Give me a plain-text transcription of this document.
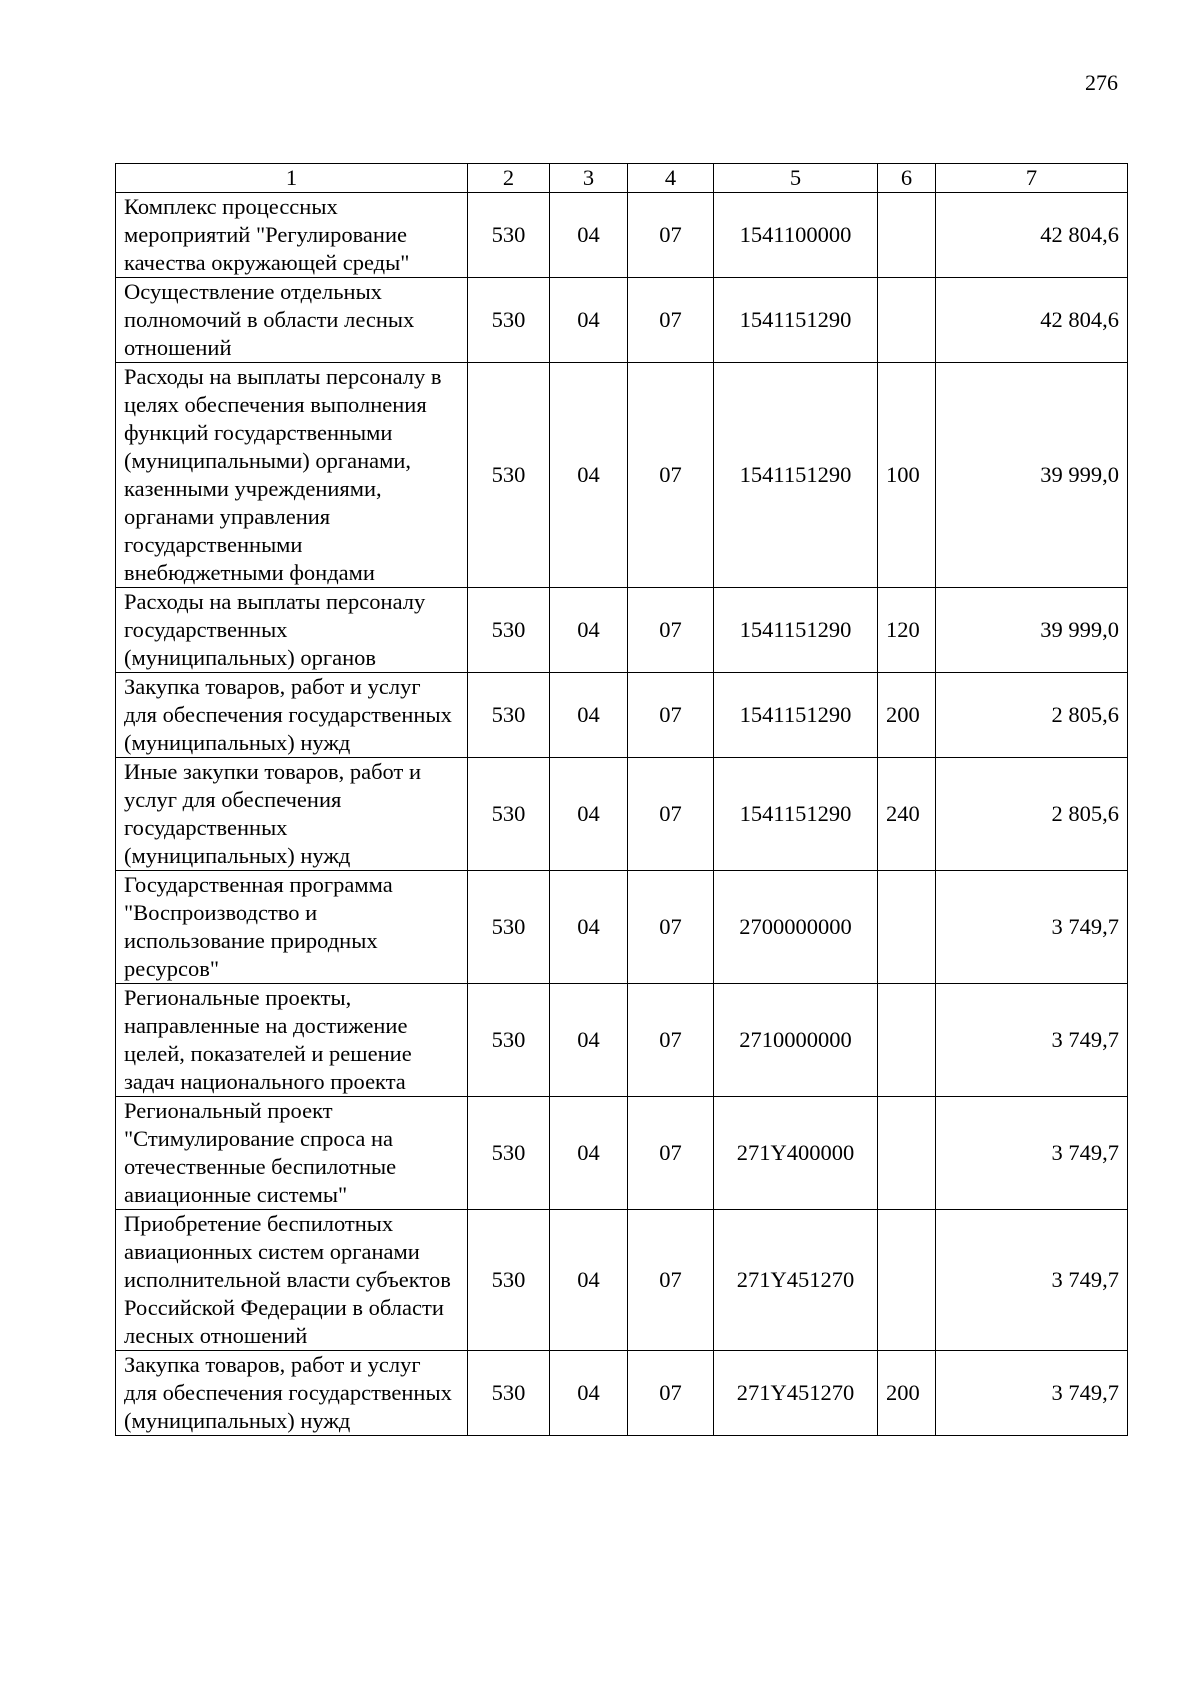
276
1	2	3	4	5	6	7
Комплекс процессных мероприятий "Регулирование качества окружающей среды"	530	04	07	1541100000		42 804,6
Осуществление отдельных полномочий в области лесных отношений	530	04	07	1541151290		42 804,6
Расходы на выплаты персоналу в целях обеспечения выполнения функций государственными (муниципальными) органами, казенными учреждениями, органами управления государственными внебюджетными фондами	530	04	07	1541151290	100	39 999,0
Расходы на выплаты персоналу государственных (муниципальных) органов	530	04	07	1541151290	120	39 999,0
Закупка товаров, работ и услуг для обеспечения государственных (муниципальных) нужд	530	04	07	1541151290	200	2 805,6
Иные закупки товаров, работ и услуг для обеспечения государственных (муниципальных) нужд	530	04	07	1541151290	240	2 805,6
Государственная программа "Воспроизводство и использование природных ресурсов"	530	04	07	2700000000		3 749,7
Региональные проекты, направленные на достижение целей, показателей и решение задач национального проекта	530	04	07	2710000000		3 749,7
Региональный проект "Стимулирование спроса на отечественные беспилотные авиационные системы"	530	04	07	271Y400000		3 749,7
Приобретение беспилотных авиационных систем органами исполнительной власти субъектов Российской Федерации в области лесных отношений	530	04	07	271Y451270		3 749,7
Закупка товаров, работ и услуг для обеспечения государственных (муниципальных) нужд	530	04	07	271Y451270	200	3 749,7
